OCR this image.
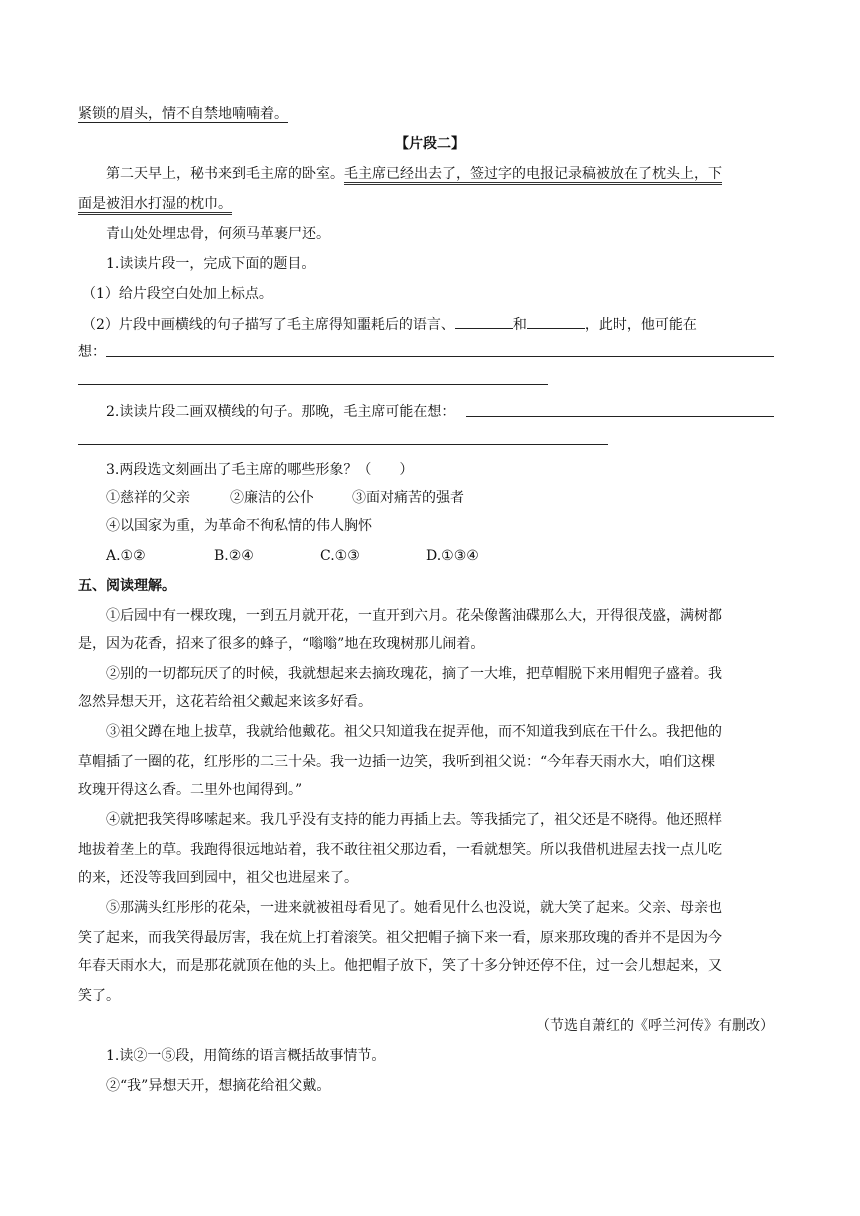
紧锁的眉头，情不自禁地喃喃着。
【片段二】
第二天早上，秘书来到毛主席的卧室。毛主席已经出去了，签过字的电报记录稿被放在了枕头上，下
面是被泪水打湿的枕巾。
青山处处埋忠骨，何须马革裹尸还。
1.读读片段一，完成下面的题目。
（1）给片段空白处加上标点。
（2）片段中画横线的句子描写了毛主席得知噩耗后的语言、	和	，此时，他可能在
想：
2.读读片段二画双横线的句子。那晚，毛主席可能在想：
3.两段选文刻画出了毛主席的哪些形象？（　　）
①慈祥的父亲	②廉洁的公仆	③面对痛苦的强者
④以国家为重，为革命不徇私情的伟人胸怀
A.①②	B.②④	C.①③	D.①③④
五、阅读理解。
①后园中有一棵玫瑰，一到五月就开花，一直开到六月。花朵像酱油碟那么大，开得很茂盛，满树都
是，因为花香，招来了很多的蜂子，“嗡嗡”地在玫瑰树那儿闹着。
②别的一切都玩厌了的时候，我就想起来去摘玫瑰花，摘了一大堆，把草帽脱下来用帽兜子盛着。我
忽然异想天开，这花若给祖父戴起来该多好看。
③祖父蹲在地上拔草，我就给他戴花。祖父只知道我在捉弄他，而不知道我到底在干什么。我把他的
草帽插了一圈的花，红彤彤的二三十朵。我一边插一边笑，我听到祖父说：“今年春天雨水大，咱们这棵
玫瑰开得这么香。二里外也闻得到。”
④就把我笑得哆嗦起来。我几乎没有支持的能力再插上去。等我插完了，祖父还是不晓得。他还照样
地拔着垄上的草。我跑得很远地站着，我不敢往祖父那边看，一看就想笑。所以我借机进屋去找一点儿吃
的来，还没等我回到园中，祖父也进屋来了。
⑤那满头红彤彤的花朵，一进来就被祖母看见了。她看见什么也没说，就大笑了起来。父亲、母亲也
笑了起来，而我笑得最厉害，我在炕上打着滚笑。祖父把帽子摘下来一看，原来那玫瑰的香并不是因为今
年春天雨水大，而是那花就顶在他的头上。他把帽子放下，笑了十多分钟还停不住，过一会儿想起来，又
笑了。
（节选自萧红的《呼兰河传》有删改）
1.读②一⑤段，用简练的语言概括故事情节。
②“我”异想天开，想摘花给祖父戴。
